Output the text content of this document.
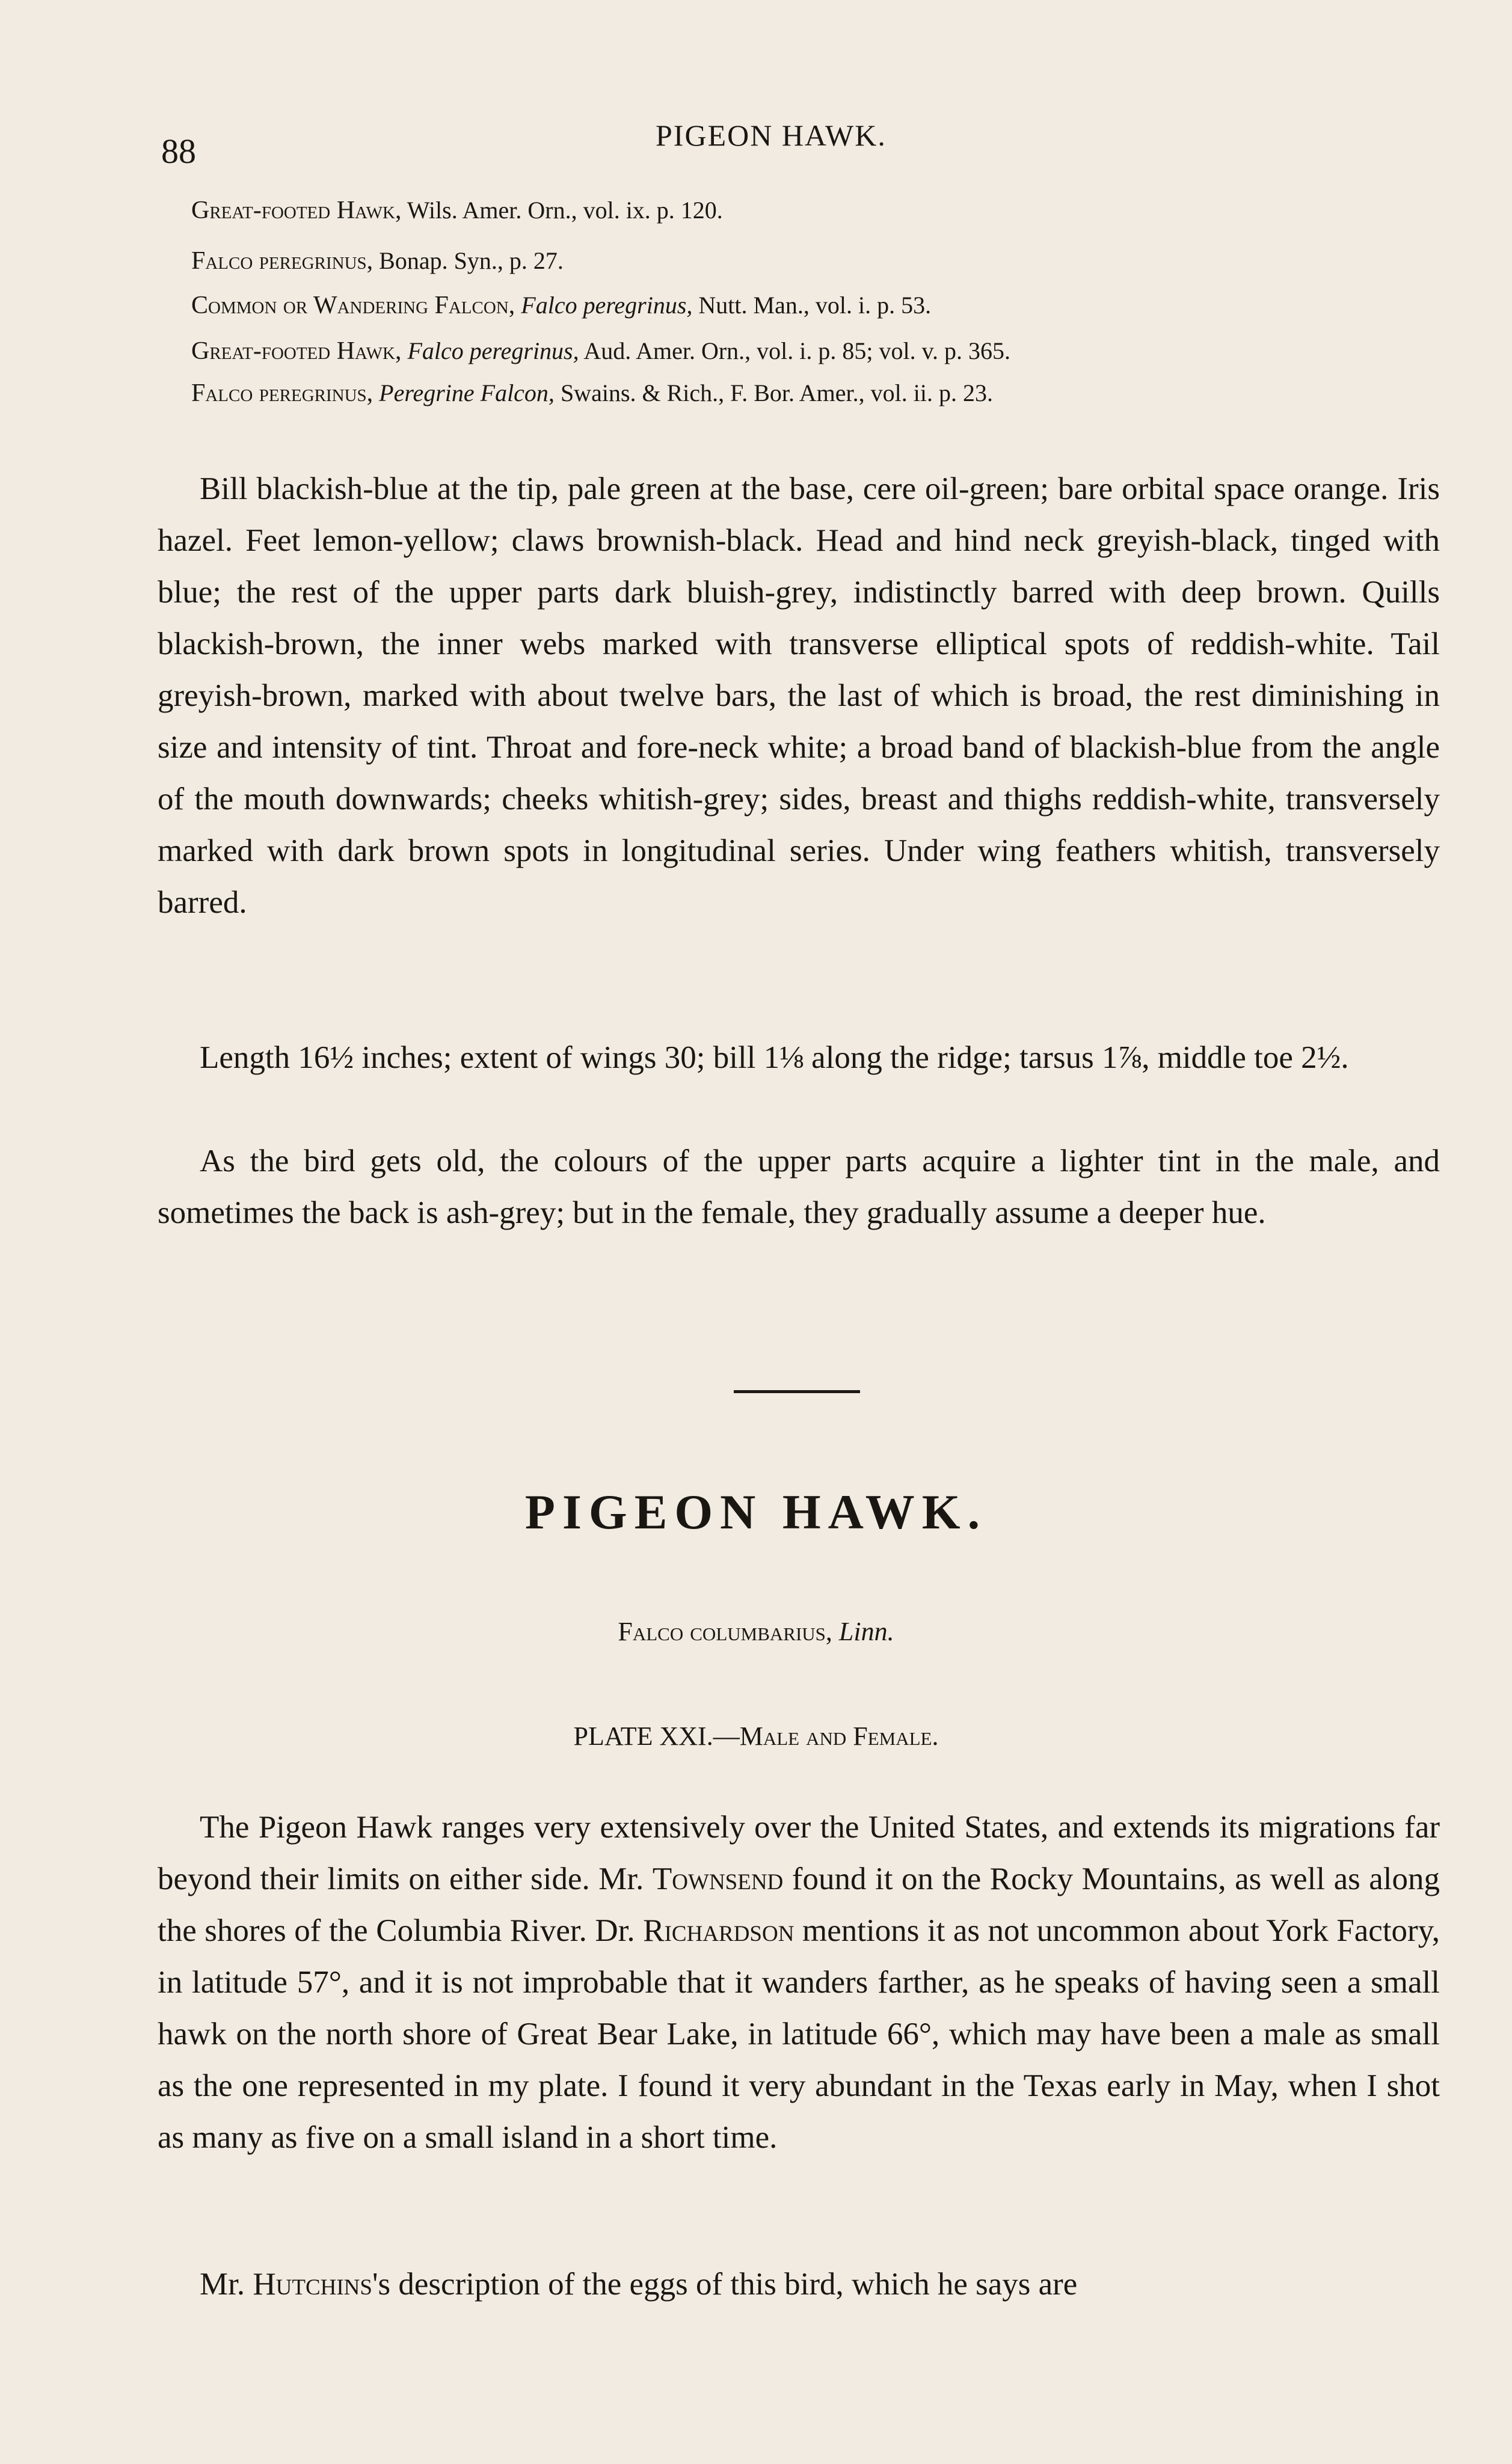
88	PIGEON HAWK.
Great-footed Hawk, Wils. Amer. Orn., vol. ix. p. 120.
Falco peregrinus, Bonap. Syn., p. 27.
Common or Wandering Falcon, Falco peregrinus, Nutt. Man., vol. i. p. 53.
Great-footed Hawk, Falco peregrinus, Aud. Amer. Orn., vol. i. p. 85; vol. v. p. 365.
Falco peregrinus, Peregrine Falcon, Swains. & Rich., F. Bor. Amer., vol. ii. p. 23.

Bill blackish-blue at the tip, pale green at the base, cere oil-green; bare orbital space orange. Iris hazel. Feet lemon-yellow; claws brownish-black. Head and hind neck greyish-black, tinged with blue; the rest of the upper parts dark bluish-grey, indistinctly barred with deep brown. Quills blackish-brown, the inner webs marked with transverse elliptical spots of reddish-white. Tail greyish-brown, marked with about twelve bars, the last of which is broad, the rest diminishing in size and intensity of tint. Throat and fore-neck white; a broad band of blackish-blue from the angle of the mouth downwards; cheeks whitish-grey; sides, breast and thighs reddish-white, transversely marked with dark brown spots in longitudinal series. Under wing feathers whitish, transversely barred.

Length 16½ inches; extent of wings 30; bill 1⅛ along the ridge; tarsus 1⅞, middle toe 2½.

As the bird gets old, the colours of the upper parts acquire a lighter tint in the male, and sometimes the back is ash-grey; but in the female, they gradually assume a deeper hue.

PIGEON HAWK.
Falco columbarius, Linn.
PLATE XXI.—Male and Female.

The Pigeon Hawk ranges very extensively over the United States, and extends its migrations far beyond their limits on either side. Mr. Townsend found it on the Rocky Mountains, as well as along the shores of the Columbia River. Dr. Richardson mentions it as not uncommon about York Factory, in latitude 57°, and it is not improbable that it wanders farther, as he speaks of having seen a small hawk on the north shore of Great Bear Lake, in latitude 66°, which may have been a male as small as the one represented in my plate. I found it very abundant in the Texas early in May, when I shot as many as five on a small island in a short time.

Mr. Hutchins's description of the eggs of this bird, which he says are
